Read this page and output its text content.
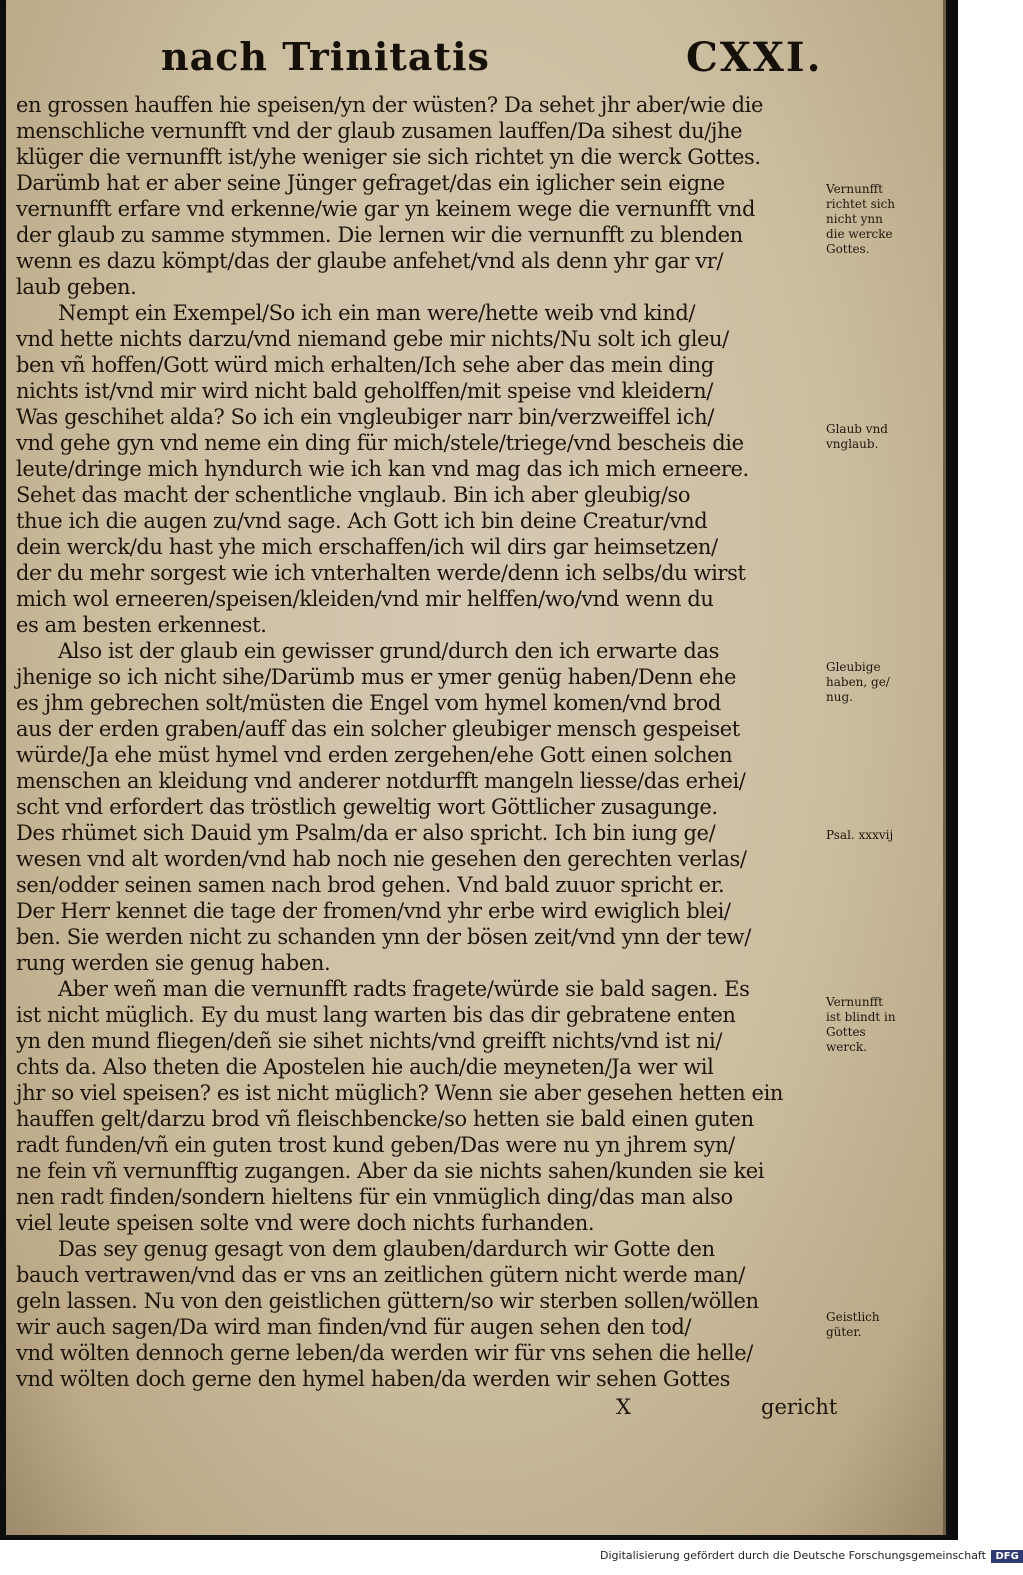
nach Trinitatis	CXXI.
en grossen hauffen hie speisen/yn der wüsten? Da sehet jhr aber/wie die
menschliche vernunfft vnd der glaub zusamen lauffen/Da sihest du/jhe
klüger die vernunfft ist/yhe weniger sie sich richtet yn die werck Gottes.
Darümb hat er aber seine Jünger gefraget/das ein iglicher sein eigne
vernunfft erfare vnd erkenne/wie gar yn keinem wege die vernunfft vnd
der glaub zu samme stymmen. Die lernen wir die vernunfft zu blenden
wenn es dazu kömpt/das der glaube anfehet/vnd als denn yhr gar vr/
laub geben.
Nempt ein Exempel/So ich ein man were/hette weib vnd kind/
vnd hette nichts darzu/vnd niemand gebe mir nichts/Nu solt ich gleu/
ben vñ hoffen/Gott würd mich erhalten/Ich sehe aber das mein ding
nichts ist/vnd mir wird nicht bald geholffen/mit speise vnd kleidern/
Was geschihet alda? So ich ein vngleubiger narr bin/verzweiffel ich/
vnd gehe gyn vnd neme ein ding für mich/stele/triege/vnd bescheis die
leute/dringe mich hyndurch wie ich kan vnd mag das ich mich erneere.
Sehet das macht der schentliche vnglaub. Bin ich aber gleubig/so
thue ich die augen zu/vnd sage. Ach Gott ich bin deine Creatur/vnd
dein werck/du hast yhe mich erschaffen/ich wil dirs gar heimsetzen/
der du mehr sorgest wie ich vnterhalten werde/denn ich selbs/du wirst
mich wol erneeren/speisen/kleiden/vnd mir helffen/wo/vnd wenn du
es am besten erkennest.
Also ist der glaub ein gewisser grund/durch den ich erwarte das
jhenige so ich nicht sihe/Darümb mus er ymer genüg haben/Denn ehe
es jhm gebrechen solt/müsten die Engel vom hymel komen/vnd brod
aus der erden graben/auff das ein solcher gleubiger mensch gespeiset
würde/Ja ehe müst hymel vnd erden zergehen/ehe Gott einen solchen
menschen an kleidung vnd anderer notdurfft mangeln liesse/das erhei/
scht vnd erfordert das tröstlich geweltig wort Göttlicher zusagunge.
Des rhümet sich Dauid ym Psalm/da er also spricht. Ich bin iung ge/
wesen vnd alt worden/vnd hab noch nie gesehen den gerechten verlas/
sen/odder seinen samen nach brod gehen. Vnd bald zuuor spricht er.
Der Herr kennet die tage der fromen/vnd yhr erbe wird ewiglich blei/
ben. Sie werden nicht zu schanden ynn der bösen zeit/vnd ynn der tew/
rung werden sie genug haben.
Aber weñ man die vernunfft radts fragete/würde sie bald sagen. Es
ist nicht müglich. Ey du must lang warten bis das dir gebratene enten
yn den mund fliegen/deñ sie sihet nichts/vnd greifft nichts/vnd ist ni/
chts da. Also theten die Apostelen hie auch/die meyneten/Ja wer wil
jhr so viel speisen? es ist nicht müglich? Wenn sie aber gesehen hetten ein
hauffen gelt/darzu brod vñ fleischbencke/so hetten sie bald einen guten
radt funden/vñ ein guten trost kund geben/Das were nu yn jhrem syn/
ne fein vñ vernunfftig zugangen. Aber da sie nichts sahen/kunden sie kei
nen radt finden/sondern hieltens für ein vnmüglich ding/das man also
viel leute speisen solte vnd were doch nichts furhanden.
Das sey genug gesagt von dem glauben/dardurch wir Gotte den
bauch vertrawen/vnd das er vns an zeitlichen gütern nicht werde man/
geln lassen. Nu von den geistlichen güttern/so wir sterben sollen/wöllen
wir auch sagen/Da wird man finden/vnd für augen sehen den tod/
vnd wölten dennoch gerne leben/da werden wir für vns sehen die helle/
vnd wölten doch gerne den hymel haben/da werden wir sehen Gottes
Vernunfft
richtet sich
nicht ynn
die wercke
Gottes.
Glaub vnd
vnglaub.
Gleubige
haben, ge/
nug.
Psal. xxxvij
Vernunfft
ist blindt in
Gottes
werck.
Geistlich
güter.
X	gericht
Digitalisierung gefördert durch die Deutsche Forschungsgemeinschaft DFG
